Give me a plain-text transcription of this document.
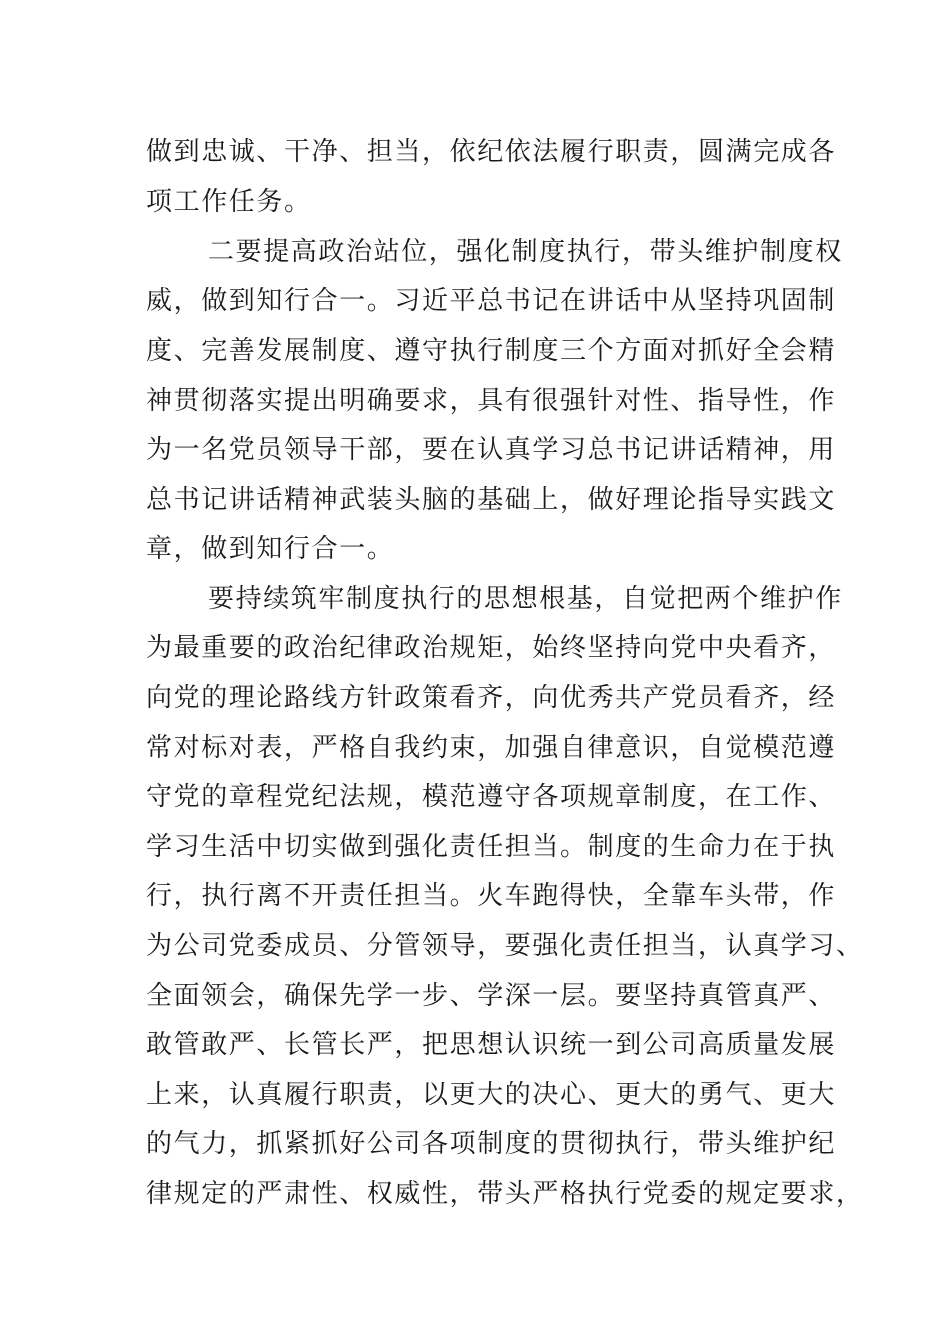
做到忠诚、干净、担当，依纪依法履行职责，圆满完成各
项工作任务。
二要提高政治站位，强化制度执行，带头维护制度权
威，做到知行合一。习近平总书记在讲话中从坚持巩固制
度、完善发展制度、遵守执行制度三个方面对抓好全会精
神贯彻落实提出明确要求，具有很强针对性、指导性，作
为一名党员领导干部，要在认真学习总书记讲话精神，用
总书记讲话精神武装头脑的基础上，做好理论指导实践文
章，做到知行合一。
要持续筑牢制度执行的思想根基，自觉把两个维护作
为最重要的政治纪律政治规矩，始终坚持向党中央看齐，
向党的理论路线方针政策看齐，向优秀共产党员看齐，经
常对标对表，严格自我约束，加强自律意识，自觉模范遵
守党的章程党纪法规，模范遵守各项规章制度，在工作、
学习生活中切实做到强化责任担当。制度的生命力在于执
行，执行离不开责任担当。火车跑得快，全靠车头带，作
为公司党委成员、分管领导，要强化责任担当，认真学习、
全面领会，确保先学一步、学深一层。要坚持真管真严、
敢管敢严、长管长严，把思想认识统一到公司高质量发展
上来，认真履行职责，以更大的决心、更大的勇气、更大
的气力，抓紧抓好公司各项制度的贯彻执行，带头维护纪
律规定的严肃性、权威性，带头严格执行党委的规定要求，
